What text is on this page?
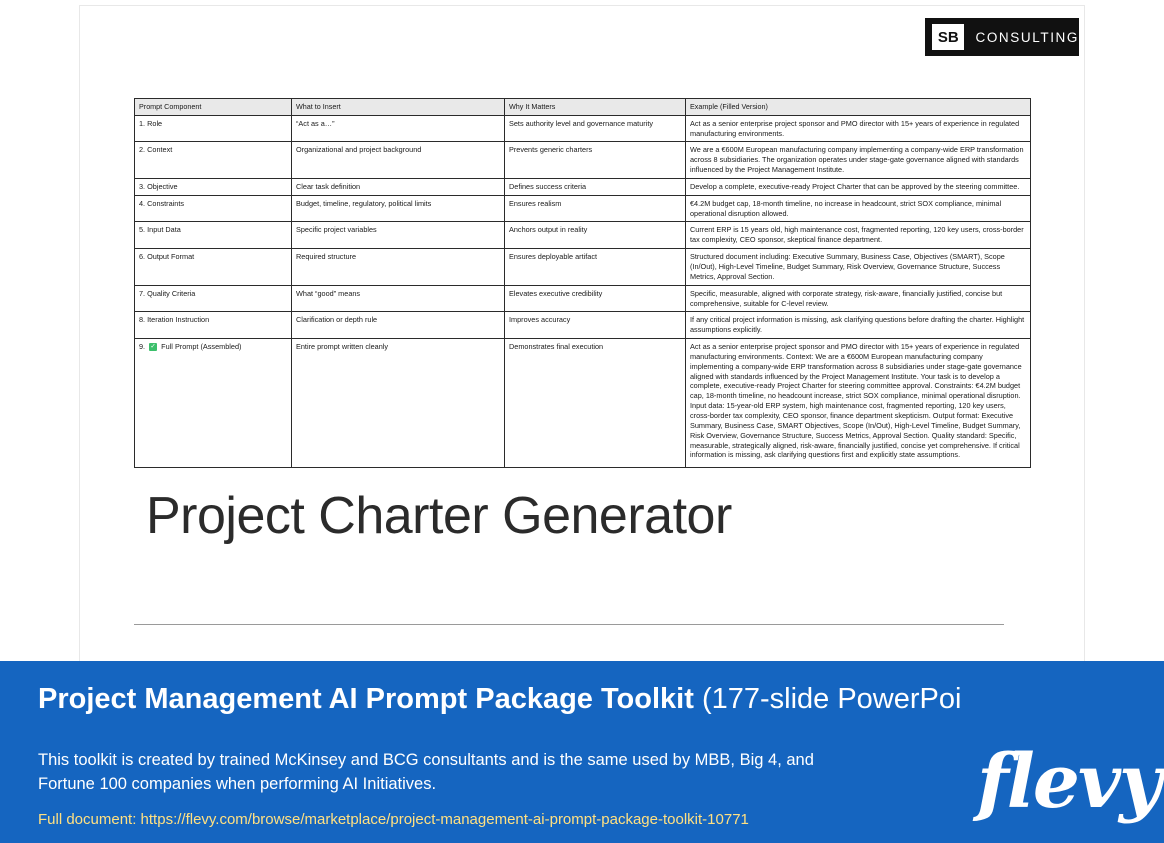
SB	CONSULTING
Prompt Component	What to Insert	Why It Matters	Example (Filled Version)
1. Role	“Act as a…”	Sets authority level and governance maturity	Act as a senior enterprise project sponsor and PMO director with 15+ years of experience in regulated manufacturing environments.
2. Context	Organizational and project background	Prevents generic charters	We are a €600M European manufacturing company implementing a company-wide ERP transformation across 8 subsidiaries. The organization operates under stage-gate governance aligned with standards influenced by the Project Management Institute.
3. Objective	Clear task definition	Defines success criteria	Develop a complete, executive-ready Project Charter that can be approved by the steering committee.
4. Constraints	Budget, timeline, regulatory, political limits	Ensures realism	€4.2M budget cap, 18-month timeline, no increase in headcount, strict SOX compliance, minimal operational disruption allowed.
5. Input Data	Specific project variables	Anchors output in reality	Current ERP is 15 years old, high maintenance cost, fragmented reporting, 120 key users, cross-border tax complexity, CEO sponsor, skeptical finance department.
6. Output Format	Required structure	Ensures deployable artifact	Structured document including: Executive Summary, Business Case, Objectives (SMART), Scope (In/Out), High-Level Timeline, Budget Summary, Risk Overview, Governance Structure, Success Metrics, Approval Section.
7. Quality Criteria	What “good” means	Elevates executive credibility	Specific, measurable, aligned with corporate strategy, risk-aware, financially justified, concise but comprehensive, suitable for C-level review.
8. Iteration Instruction	Clarification or depth rule	Improves accuracy	If any critical project information is missing, ask clarifying questions before drafting the charter. Highlight assumptions explicitly.
9. ✓ Full Prompt (Assembled)	Entire prompt written cleanly	Demonstrates final execution	Act as a senior enterprise project sponsor and PMO director with 15+ years of experience in regulated manufacturing environments. Context: We are a €600M European manufacturing company implementing a company-wide ERP transformation across 8 subsidiaries under stage-gate governance aligned with standards influenced by the Project Management Institute. Your task is to develop a complete, executive-ready Project Charter for steering committee approval. Constraints: €4.2M budget cap, 18-month timeline, no headcount increase, strict SOX compliance, minimal operational disruption. Input data: 15-year-old ERP system, high maintenance cost, fragmented reporting, 120 key users, cross-border tax complexity, CEO sponsor, finance department skepticism. Output format: Executive Summary, Business Case, SMART Objectives, Scope (In/Out), High-Level Timeline, Budget Summary, Risk Overview, Governance Structure, Success Metrics, Approval Section. Quality standard: Specific, measurable, strategically aligned, risk-aware, financially justified, concise yet comprehensive. If critical information is missing, ask clarifying questions first and explicitly state assumptions.
Project Charter Generator
Project Management AI Prompt Package Toolkit (177-slide PowerPoi
This toolkit is created by trained McKinsey and BCG consultants and is the same used by MBB, Big 4, and Fortune 100 companies when performing AI Initiatives.
Full document: https://flevy.com/browse/marketplace/project-management-ai-prompt-package-toolkit-10771	flevy
